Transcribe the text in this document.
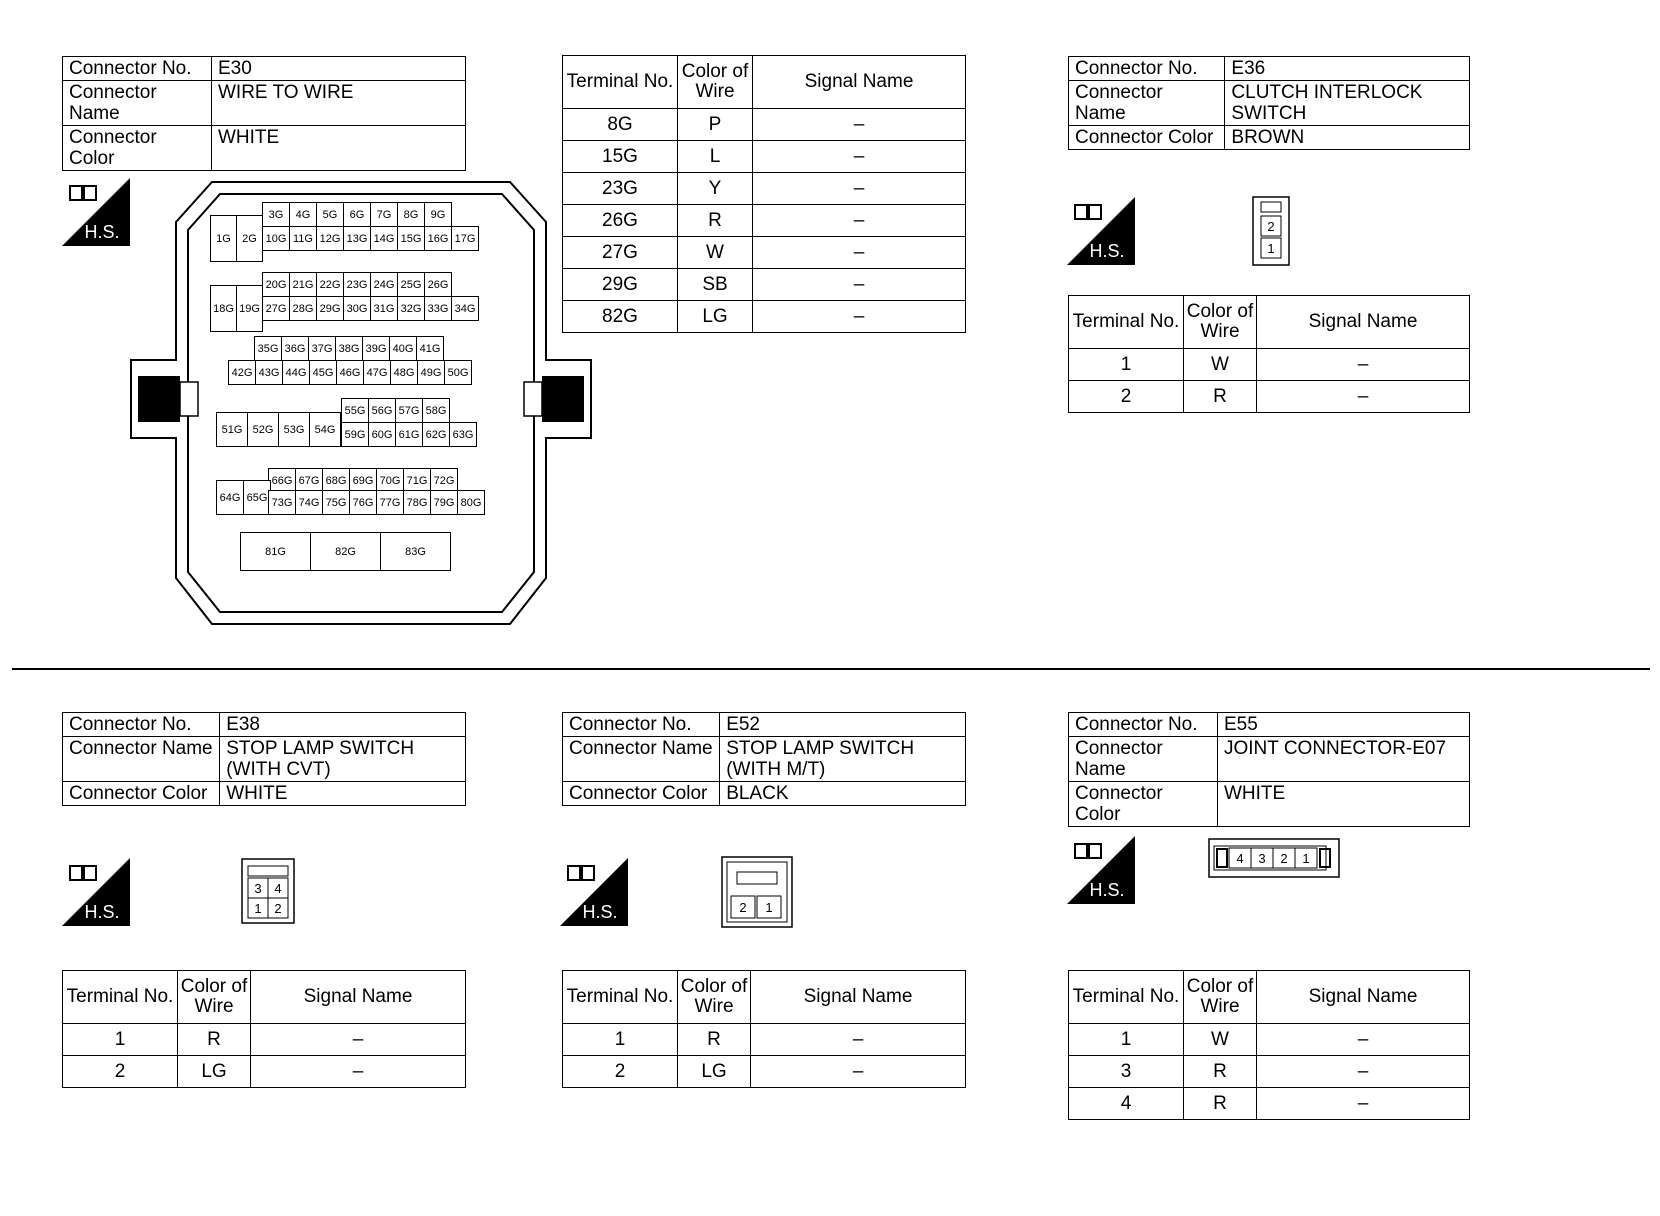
Connector No.	E30
Connector Name	WIRE TO WIRE
Connector Color	WHITE
H.S.
3G	4G	5G	6G	7G	8G	9G
1G	2G 10G 11G 12G 13G 14G 15G 16G 17G
20G 21G 22G 23G 24G 25G 26G
18G 19G 27G 28G 29G 30G 31G 32G 33G 34G
35G 36G 37G 38G 39G 40G 41G
42G 43G 44G 45G 46G 47G 48G 49G 50G
55G 56G 57G 58G
51G 52G 53G 54G 59G 60G 61G 62G 63G
66G 67G 68G 69G 70G 71G 72G
64G 65G 73G 74G 75G 76G 77G 78G 79G 80G
81G	82G	83G
Terminal No.	Color of Wire	Signal Name
8G	P	–
15G	L	–
23G	Y	–
26G	R	–
27G	W	–
29G	SB	–
82G	LG	–
Connector No.	E36
Connector Name	CLUTCH INTERLOCK SWITCH
Connector Color	BROWN
H.S.
2
1
Terminal No.	Color of Wire	Signal Name
1	W	–
2	R	–
Connector No.	E38
Connector Name	STOP LAMP SWITCH (WITH CVT)
Connector Color	WHITE
H.S.
3 4
1 2
Terminal No.	Color of Wire	Signal Name
1	R	–
2	LG	–
Connector No.	E52
Connector Name	STOP LAMP SWITCH (WITH M/T)
Connector Color	BLACK
H.S.	2 1
Terminal No.	Color of Wire	Signal Name
1	R	–
2	LG	–
Connector No.	E55
Connector Name	JOINT CONNECTOR-E07
Connector Color	WHITE
H.S.
4 3 2 1
Terminal No.	Color of Wire	Signal Name
1	W	–
3	R	–
4	R	–
